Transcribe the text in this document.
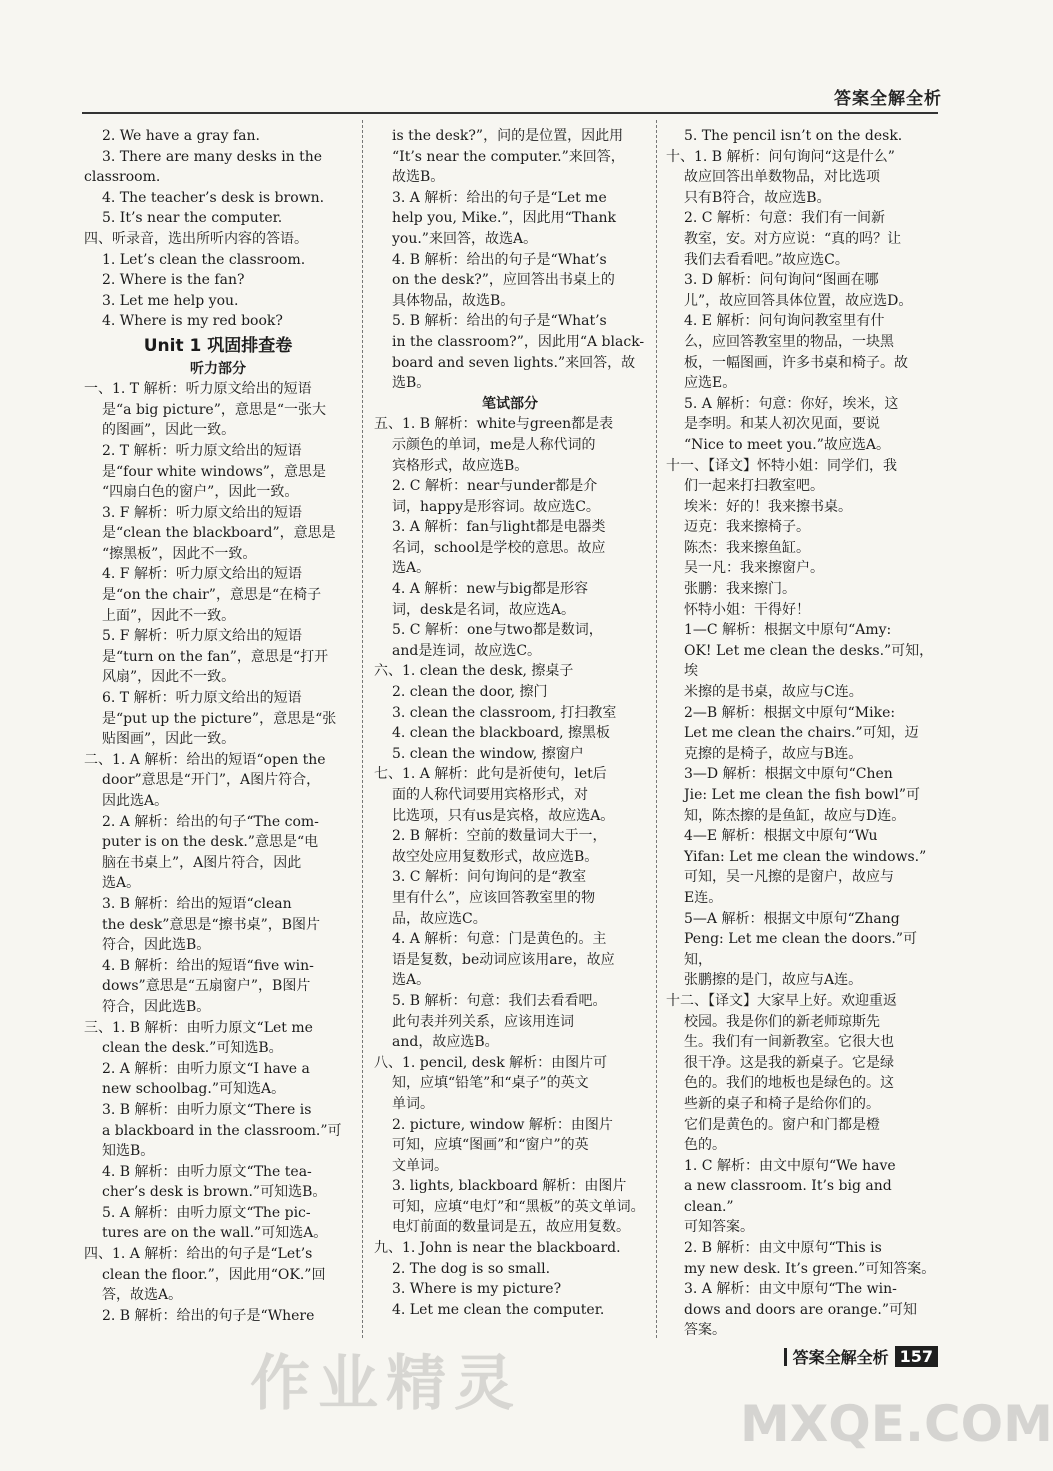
答案全解全析
2. We have a gray fan.
3. There are many desks in the
classroom.
4. The teacher’s desk is brown.
5. It’s near the computer.
四、听录音，选出所听内容的答语。
1. Let’s clean the classroom.
2. Where is the fan?
3. Let me help you.
4. Where is my red book?
Unit 1 巩固排查卷
听力部分
一、1. T 解析：听力原文给出的短语
是“a big picture”，意思是“一张大
的图画”，因此一致。
2. T 解析：听力原文给出的短语
是“four white windows”，意思是
“四扇白色的窗户”，因此一致。
3. F 解析：听力原文给出的短语
是“clean the blackboard”，意思是
“擦黑板”，因此不一致。
4. F 解析：听力原文给出的短语
是“on the chair”，意思是“在椅子
上面”，因此不一致。
5. F 解析：听力原文给出的短语
是“turn on the fan”，意思是“打开
风扇”，因此不一致。
6. T 解析：听力原文给出的短语
是“put up the picture”，意思是“张
贴图画”，因此一致。
二、1. A 解析：给出的短语“open the
door”意思是“开门”，A图片符合，
因此选A。
2. A 解析：给出的句子“The com-
puter is on the desk.”意思是“电
脑在书桌上”，A图片符合，因此
选A。
3. B 解析：给出的短语“clean
the desk”意思是“擦书桌”，B图片
符合，因此选B。
4. B 解析：给出的短语“five win-
dows”意思是“五扇窗户”，B图片
符合，因此选B。
三、1. B 解析：由听力原文“Let me
clean the desk.”可知选B。
2. A 解析：由听力原文“I have a
new schoolbag.”可知选A。
3. B 解析：由听力原文“There is
a blackboard in the classroom.”可
知选B。
4. B 解析：由听力原文“The tea-
cher’s desk is brown.”可知选B。
5. A 解析：由听力原文“The pic-
tures are on the wall.”可知选A。
四、1. A 解析：给出的句子是“Let’s
clean the floor.”，因此用“OK.”回
答，故选A。
2. B 解析：给出的句子是“Where
is the desk?”，问的是位置，因此用
“It’s near the computer.”来回答，
故选B。
3. A 解析：给出的句子是“Let me
help you, Mike.”，因此用“Thank
you.”来回答，故选A。
4. B 解析：给出的句子是“What’s
on the desk?”，应回答出书桌上的
具体物品，故选B。
5. B 解析：给出的句子是“What’s
in the classroom?”，因此用“A black-
board and seven lights.”来回答，故
选B。
笔试部分
五、1. B 解析：white与green都是表
示颜色的单词，me是人称代词的
宾格形式，故应选B。
2. C 解析：near与under都是介
词，happy是形容词。故应选C。
3. A 解析：fan与light都是电器类
名词，school是学校的意思。故应
选A。
4. A 解析：new与big都是形容
词，desk是名词，故应选A。
5. C 解析：one与two都是数词，
and是连词，故应选C。
六、1. clean the desk, 擦桌子
2. clean the door, 擦门
3. clean the classroom, 打扫教室
4. clean the blackboard, 擦黑板
5. clean the window, 擦窗户
七、1. A 解析：此句是祈使句，let后
面的人称代词要用宾格形式，对
比选项，只有us是宾格，故应选A。
2. B 解析：空前的数量词大于一，
故空处应用复数形式，故应选B。
3. C 解析：问句询问的是“教室
里有什么”，应该回答教室里的物
品，故应选C。
4. A 解析：句意：门是黄色的。主
语是复数，be动词应该用are，故应
选A。
5. B 解析：句意：我们去看看吧。
此句表并列关系，应该用连词
and，故应选B。
八、1. pencil, desk 解析：由图片可
知，应填“铅笔”和“桌子”的英文
单词。
2. picture, window 解析：由图片
可知，应填“图画”和“窗户”的英
文单词。
3. lights, blackboard 解析：由图片
可知，应填“电灯”和“黑板”的英文单词。
电灯前面的数量词是五，故应用复数。
九、1. John is near the blackboard.
2. The dog is so small.
3. Where is my picture?
4. Let me clean the computer.
5. The pencil isn’t on the desk.
十、1. B 解析：问句询问“这是什么”
故应回答出单数物品，对比选项
只有B符合，故应选B。
2. C 解析：句意：我们有一间新
教室，安。对方应说：“真的吗？让
我们去看看吧。”故应选C。
3. D 解析：问句询问“图画在哪
儿”，故应回答具体位置，故应选D。
4. E 解析：问句询问教室里有什
么，应回答教室里的物品，一块黑
板，一幅图画，许多书桌和椅子。故
应选E。
5. A 解析：句意：你好，埃米，这
是李明。和某人初次见面，要说
“Nice to meet you.”故应选A。
十一、【译文】怀特小姐：同学们，我
们一起来打扫教室吧。
埃米：好的！我来擦书桌。
迈克：我来擦椅子。
陈杰：我来擦鱼缸。
吴一凡：我来擦窗户。
张鹏：我来擦门。
怀特小姐：干得好！
1—C 解析：根据文中原句“Amy:
OK! Let me clean the desks.”可知，埃
米擦的是书桌，故应与C连。
2—B 解析：根据文中原句“Mike:
Let me clean the chairs.”可知，迈
克擦的是椅子，故应与B连。
3—D 解析：根据文中原句“Chen
Jie: Let me clean the fish bowl”可
知，陈杰擦的是鱼缸，故应与D连。
4—E 解析：根据文中原句“Wu
Yifan: Let me clean the windows.”
可知，吴一凡擦的是窗户，故应与
E连。
5—A 解析：根据文中原句“Zhang
Peng: Let me clean the doors.”可知，
张鹏擦的是门，故应与A连。
十二、【译文】大家早上好。欢迎重返
校园。我是你们的新老师琼斯先
生。我们有一间新教室。它很大也
很干净。这是我的新桌子。它是绿
色的。我们的地板也是绿色的。这
些新的桌子和椅子是给你们的。
它们是黄色的。窗户和门都是橙
色的。
1. C 解析：由文中原句“We have
a new classroom. It’s big and clean.”
可知答案。
2. B 解析：由文中原句“This is
my new desk. It’s green.”可知答案。
3. A 解析：由文中原句“The win-
dows and doors are orange.”可知
答案。
答案全解全析 157
作业精灵
MXQE.COM
